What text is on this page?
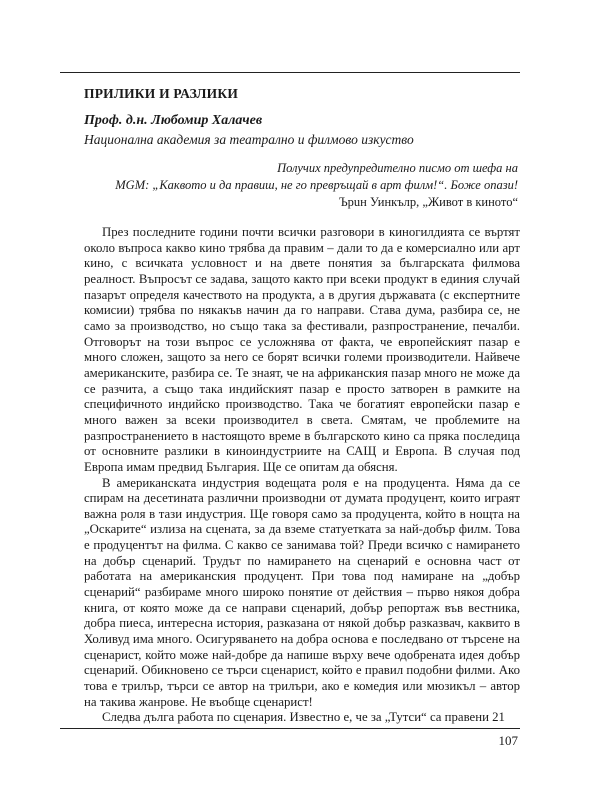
ПРИЛИКИ И РАЗЛИКИ

Проф. д.н. Любомир Халачев

Национална академия за театрално и филмово изкуство

Получих предупредително писмо от шефа на
MGM: „Каквото и да правиш, не го превръщай в арт филм!“. Боже опази!
Ърuн Уинкълр, „Живот в киното“

През последните години почти всички разговори в киногилдията се въртят около въпроса какво кино трябва да правим – дали то да е комерсиално или арт кино, с всичката условност и на двете понятия за българската филмова реалност. Въпросът се задава, защото както при всеки продукт в единия случай пазарът определя качеството на продукта, а в другия държавата (с експертните комисии) трябва по някакъв начин да го направи. Става дума, разбира се, не само за производство, но също така за фестивали, разпространение, печалби. Отговорът на този въпрос се усложнява от факта, че европейският пазар е много сложен, защото за него се борят всички големи производители. Найвече американските, разбира се. Те знаят, че на африканския пазар много не може да се разчита, а също така индийският пазар е просто затворен в рамките на специфичното индийско производство. Така че богатият европейски пазар е много важен за всеки производител в света. Смятам, че проблемите на разпространението в настоящото време в българското кино са пряка последица от основните разлики в киноиндустриите на САЩ и Европа. В случая под Европа имам предвид България. Ще се опитам да обясня.

В американската индустрия водещата роля е на продуцента. Няма да се спирам на десетината различни производни от думата продуцент, които играят важна роля в тази индустрия. Ще говоря само за продуцента, който в нощта на „Оскарите“ излиза на сцената, за да вземе статуетката за най-добър филм. Това е продуцентът на филма. С какво се занимава той? Преди всичко с намирането на добър сценарий. Трудът по намирането на сценарий е основна част от работата на американския продуцент. При това под намиране на „добър сценарий“ разбираме много широко понятие от действия – първо някоя добра книга, от която може да се направи сценарий, добър репортаж във вестника, добра пиеса, интересна история, разказана от някой добър разказвач, каквито в Холивуд има много. Осигуряването на добра основа е последвано от търсене на сценарист, който може най-добре да напише върху вече одобрената идея добър сценарий. Обикновено се търси сценарист, който е правил подобни филми. Ако това е трилър, търси се автор на трилъри, ако е комедия или мюзикъл – автор на такива жанрове. Не въобще сценарист!

Следва дълга работа по сценария. Известно е, че за „Тутси“ са правени 21

107
